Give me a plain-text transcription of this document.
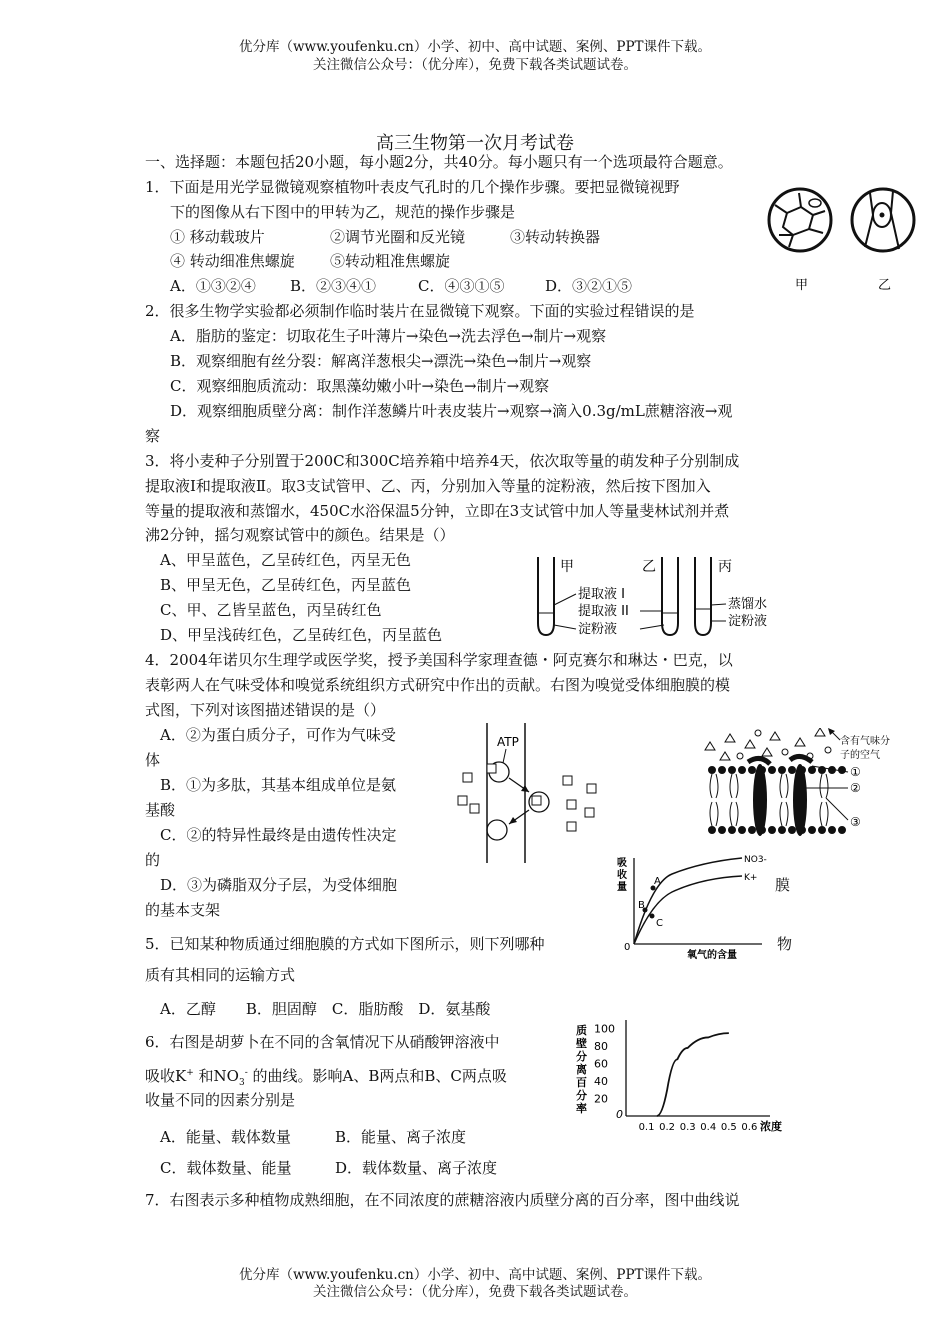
优分库（www.youfenku.cn）小学、初中、高中试题、案例、PPT课件下载。
关注微信公众号：（优分库），免费下载各类试题试卷。
高三生物第一次月考试卷
一、选择题：本题包括20小题，每小题2分，共40分。每小题只有一个选项最符合题意。
1．下面是用光学显微镜观察植物叶表皮气孔时的几个操作步骤。要把显微镜视野
下的图像从右下图中的甲转为乙，规范的操作步骤是
① 移动载玻片	②调节光圈和反光镜	③转动转换器
④ 转动细准焦螺旋 ⑤转动粗准焦螺旋
A．①③②④ B．②③④①	C．④③①⑤	D．③②①⑤	甲	乙
2．很多生物学实验都必须制作临时装片在显微镜下观察。下面的实验过程错误的是
A．脂肪的鉴定：切取花生子叶薄片→染色→洗去浮色→制片→观察
B．观察细胞有丝分裂：解离洋葱根尖→漂洗→染色→制片→观察
C．观察细胞质流动：取黑藻幼嫩小叶→染色→制片→观察
D．观察细胞质壁分离：制作洋葱鳞片叶表皮装片→观察→滴入0.3g/mL蔗糖溶液→观
察
3．将小麦种子分别置于200C和300C培养箱中培养4天，依次取等量的萌发种子分别制成
提取液Ⅰ和提取液Ⅱ。取3支试管甲、乙、丙，分别加入等量的淀粉液，然后按下图加入
等量的提取液和蒸馏水，450C水浴保温5分钟，立即在3支试管中加人等量斐林试剂并煮
沸2分钟，摇匀观察试管中的颜色。结果是（）
A、甲呈蓝色，乙呈砖红色，丙呈无色
B、甲呈无色，乙呈砖红色，丙呈蓝色
C、甲、乙皆呈蓝色，丙呈砖红色
D、甲呈浅砖红色，乙呈砖红色，丙呈蓝色
甲	乙	丙
提取液 I
提取液 II
淀粉液
蒸馏水
淀粉液
4．2004年诺贝尔生理学或医学奖，授予美国科学家理查德・阿克赛尔和琳达・巴克，以
表彰两人在气味受体和嗅觉系统组织方式研究中作出的贡献。右图为嗅觉受体细胞膜的模
式图，下列对该图描述错误的是（）
A．②为蛋白质分子，可作为气味受
体
B．①为多肽，其基本组成单位是氨
基酸
C．②的特异性最终是由遗传性决定
的
D．③为磷脂双分子层，为受体细胞	膜
的基本支架
ATP	含有气味分
子的空气
①
②
③
5．已知某种物质通过细胞膜的方式如下图所示，则下列哪种	物
质有其相同的运输方式
A．乙醇　　B．胆固醇　C．脂肪酸　D．氨基酸
吸
收
量
0
氧气的含量
A
B
C
NO3-
K+
6．右图是胡萝卜在不同的含氧情况下从硝酸钾溶液中
吸收K+ 和$NO_3^-$ 的曲线。影响A、B两点和B、C两点吸
收量不同的因素分别是
A．能量、载体数量	B．能量、离子浓度
C．载体数量、能量	D．载体数量、离子浓度
质
壁
分
离
百
分
率	0
浓度
20
40
60
80
100
0.1 0.2 0.3 0.4 0.5 0.6
7．右图表示多种植物成熟细胞，在不同浓度的蔗糖溶液内质壁分离的百分率，图中曲线说
优分库（www.youfenku.cn）小学、初中、高中试题、案例、PPT课件下载。
关注微信公众号：（优分库），免费下载各类试题试卷。
